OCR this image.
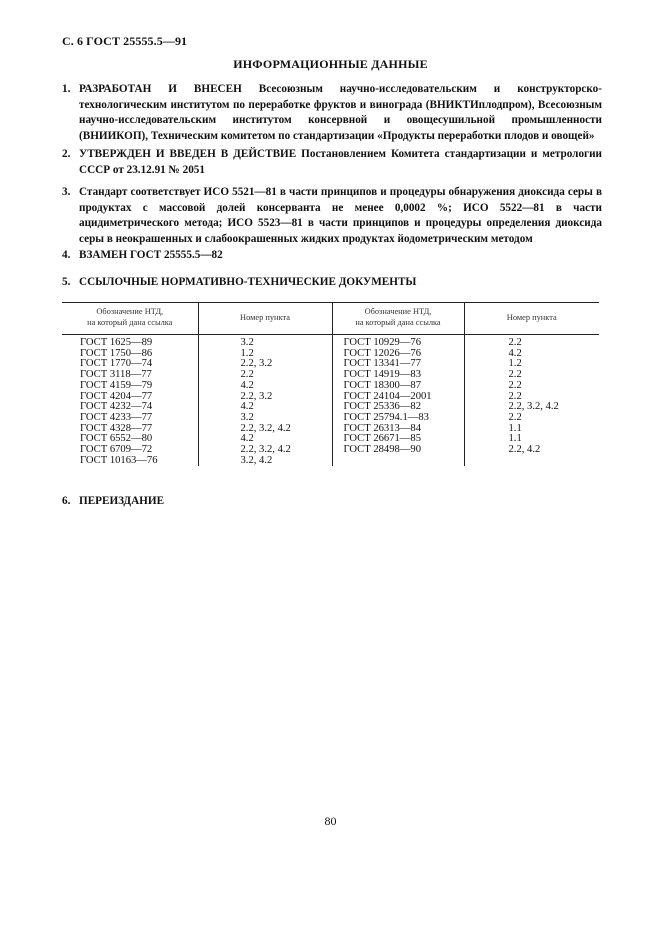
С. 6 ГОСТ 25555.5—91
ИНФОРМАЦИОННЫЕ ДАННЫЕ
1. РАЗРАБОТАН И ВНЕСЕН Всесоюзным научно-исследовательским и конструкторско-технологическим институтом по переработке фруктов и винограда (ВНИКТИплодпром), Всесоюзным научно-исследовательским институтом консервной и овощесушильной промышленности (ВНИИКОП), Техническим комитетом по стандартизации «Продукты переработки плодов и овощей»
2. УТВЕРЖДЕН И ВВЕДЕН В ДЕЙСТВИЕ Постановлением Комитета стандартизации и метрологии СССР от 23.12.91 № 2051
3. Стандарт соответствует ИСО 5521—81 в части принципов и процедуры обнаружения диоксида серы в продуктах с массовой долей консерванта не менее 0,0002 %; ИСО 5522—81 в части ацидиметрического метода; ИСО 5523—81 в части принципов и процедуры определения диоксида серы в неокрашенных и слабоокрашенных жидких продуктах йодометрическим методом
4. ВЗАМЕН ГОСТ 25555.5—82
5. ССЫЛОЧНЫЕ НОРМАТИВНО-ТЕХНИЧЕСКИЕ ДОКУМЕНТЫ
Обозначение НТД,
на который дана ссылка	Номер пункта	Обозначение НТД,
на который дана ссылка	Номер пункта
ГОСТ 1625—89	3.2	ГОСТ 10929—76	2.2
ГОСТ 1750—86	1.2	ГОСТ 12026—76	4.2
ГОСТ 1770—74	2.2, 3.2	ГОСТ 13341—77	1.2
ГОСТ 3118—77	2.2	ГОСТ 14919—83	2.2
ГОСТ 4159—79	4.2	ГОСТ 18300—87	2.2
ГОСТ 4204—77	2.2, 3.2	ГОСТ 24104—2001	2.2
ГОСТ 4232—74	4.2	ГОСТ 25336—82	2.2, 3.2, 4.2
ГОСТ 4233—77	3.2	ГОСТ 25794.1—83	2.2
ГОСТ 4328—77	2.2, 3.2, 4.2	ГОСТ 26313—84	1.1
ГОСТ 6552—80	4.2	ГОСТ 26671—85	1.1
ГОСТ 6709—72	2.2, 3.2, 4.2	ГОСТ 28498—90	2.2, 4.2
ГОСТ 10163—76	3.2, 4.2		
6. ПЕРЕИЗДАНИЕ
80
